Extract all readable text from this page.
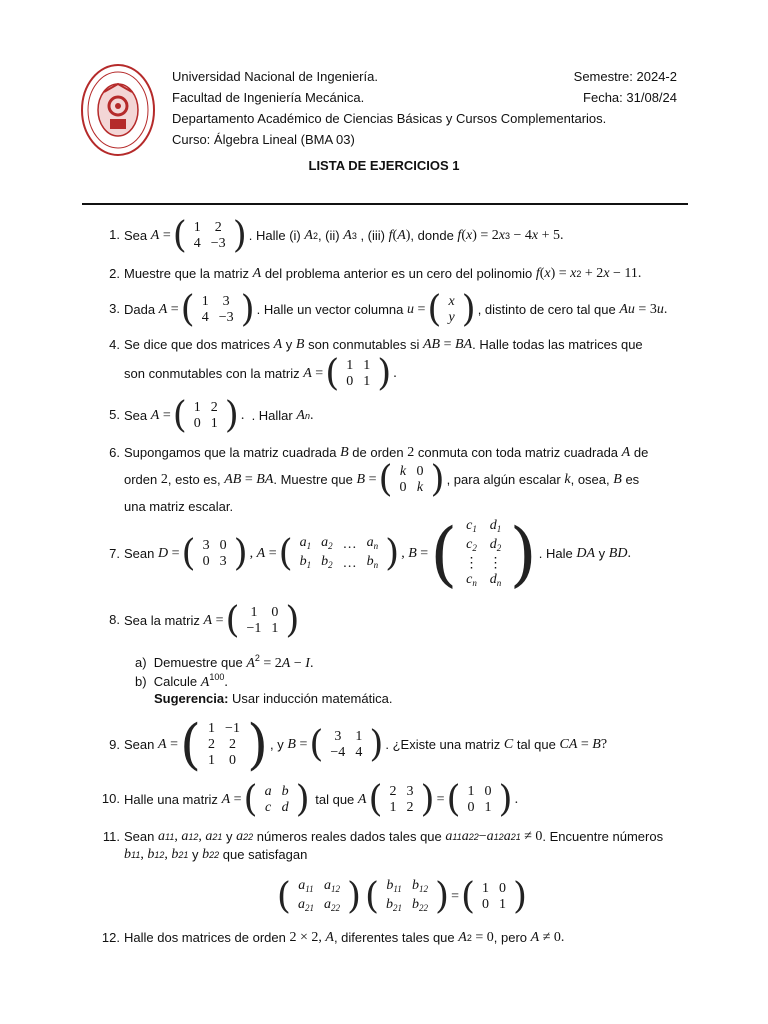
Universidad Nacional de Ingeniería.	Semestre: 2024-2
Facultad de Ingeniería Mecánica.	Fecha: 31/08/24
Departamento Académico de Ciencias Básicas y Cursos Complementarios.
Curso: Álgebra Lineal (BMA 03)
LISTA DE EJERCICIOS 1
1. Sea
A = ( 1	2
4	−3 ) . Halle (i)
A 2 , (ii)
A 3
, (iii)
f ( A ) , donde
f ( x ) = 2 x 3 − 4 x + 5.
2. Muestre que la matriz
A
del problema anterior es un cero del polinomio
f ( x ) = x 2 + 2 x − 11.
3. Dada
A = ( 1	3
4	−3 ) . Halle un vector columna
u = ( x
y ) , distinto de cero tal que
Au = 3 u .
4. Se dice que dos matrices
A
y
B
son conmutables si
AB = BA . Halle todas las matrices que
son conmutables con la matriz
A = ( 1	1
0	1 ) .
5. Sea
A = ( 1	2
0	1 ) .
. Hallar
A n .
6. Supongamos que la matriz cuadrada
B
de orden
2
conmuta con toda matriz cuadrada
A
de
orden
2 , esto es,
AB = BA . Muestre que
B = ( k	0
0	k ) , para algún escalar
k , osea,
B
es
una matriz escalar.
7. Sean
D = ( 3	0
0	3 ) , A = ( $a_1$	$a_2$	…	$a_n$
$b_1$	$b_2$	…	$b_n$ ) , B = ( $c_1$	$d_1$
$c_2$	$d_2$
⋮	⋮
$c_n$	$d_n$ ) . Hale
DA
y
BD .
8. Sea la matriz
A = ( 1	0
−1	1 )
a) Demuestre que $A^2 = 2A - I$.
b) Calcule $A^{100}$.
Sugerencia: Usar inducción matemática.
9. Sean
A = ( 1	−1
2	2
1	0 ) , y
B = ( 3	1
−4	4 ) . ¿Existe una matriz
C
tal que
CA = B ?
10. Halle una matriz
A = ( a	b
c	d )
tal que
A ( 2	3
1	2 ) = ( 1	0
0	1 ) .
11. Sean
a 11 , a 12 , a 21
y
a 22
números reales dados tales que
a 11 a 22 − a 12 a 21 ≠ 0 . Encuentre números
b 11 , b 12 , b 21
y
b 22
que satisfagan
( $a_{11}$	$a_{12}$
$a_{21}$	$a_{22}$ ) ( $b_{11}$	$b_{12}$
$b_{21}$	$b_{22}$ ) = ( 1	0
0	1 )
12. Halle dos matrices de orden
2 × 2, A , diferentes tales que
A 2 = 0 , pero
A ≠ 0.
